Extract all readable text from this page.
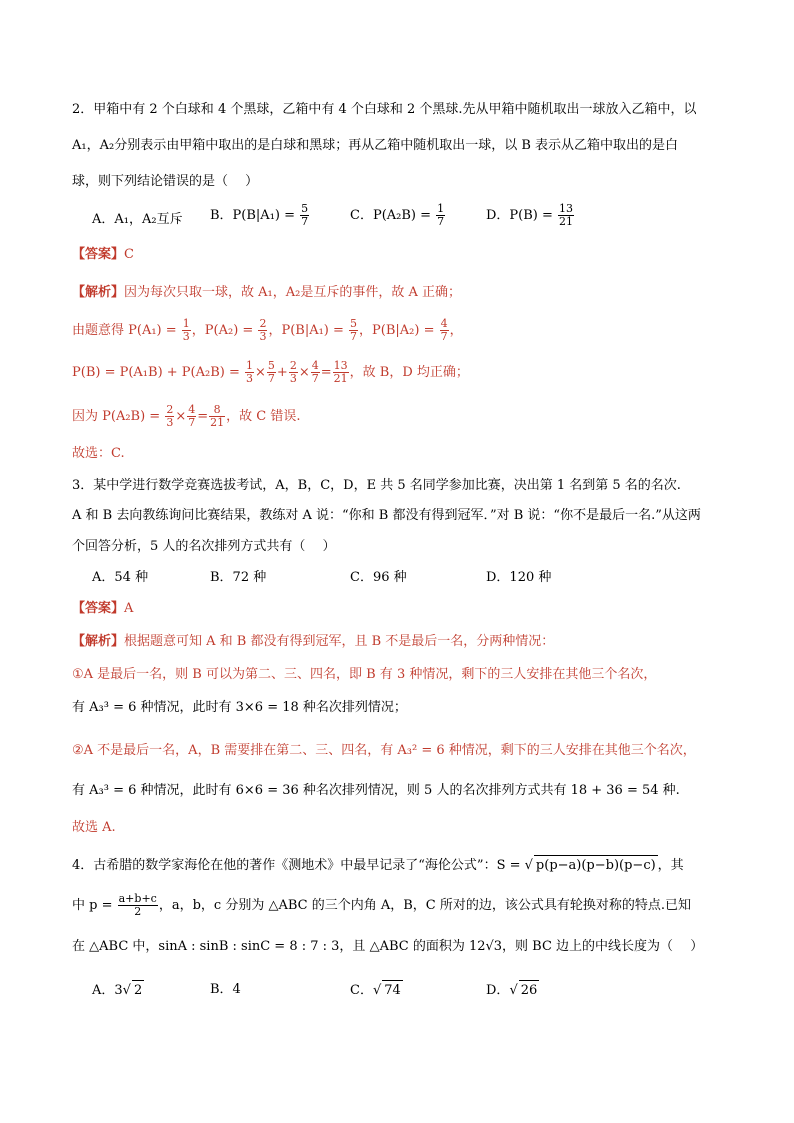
2．甲箱中有 2 个白球和 4 个黑球，乙箱中有 4 个白球和 2 个黑球.先从甲箱中随机取出一球放入乙箱中，以
A₁，A₂分别表示由甲箱中取出的是白球和黑球；再从乙箱中随机取出一球，以 B 表示从乙箱中取出的是白
球，则下列结论错误的是（　 ）
A．A₁，A₂互斥 B．$P(B|A_1) = \frac{5}{7}$	C．$P(A_2B) = \frac{1}{7}$	D．$P(B) = \frac{13}{21}$
【答案】C
【解析】因为每次只取一球，故 A₁，A₂是互斥的事件，故 A 正确；
由题意得 $P(A_1) = \frac{1}{3}$ ，$P(A_2) = \frac{2}{3}$ ，$P(B|A_1) = \frac{5}{7}$ ，$P(B|A_2) = \frac{4}{7}$ ，
$P(B) = P(A_1B) + P(A_2B) = \frac{1}{3} \times \frac{5}{7} + \frac{2}{3} \times \frac{4}{7} = \frac{13}{21}$ ，故 B，D 均正确；
因为 $P(A_2B) = \frac{2}{3} \times \frac{4}{7} = \frac{8}{21}$ ，故 C 错误.
故选：C.
3．某中学进行数学竞赛选拔考试，A，B，C，D，E 共 5 名同学参加比赛，决出第 1 名到第 5 名的名次.
A 和 B 去向教练询问比赛结果，教练对 A 说：“你和 B 都没有得到冠军．”对 B 说：“你不是最后一名.”从这两
个回答分析，5 人的名次排列方式共有（　 ）
A．54 种	B．72 种	C．96 种	D．120 种
【答案】A
【解析】根据题意可知 A 和 B 都没有得到冠军，且 B 不是最后一名，分两种情况：
①A 是最后一名，则 B 可以为第二、三、四名，即 B 有 3 种情况，剩下的三人安排在其他三个名次，
有 A₃³ = 6 种情况，此时有 3×6 = 18 种名次排列情况；
②A 不是最后一名，A，B 需要排在第二、三、四名，有 A₃² = 6 种情况，剩下的三人安排在其他三个名次，
有 A₃³ = 6 种情况，此时有 6×6 = 36 种名次排列情况，则 5 人的名次排列方式共有 18 + 36 = 54 种.
故选 A.
4．古希腊的数学家海伦在他的著作《测地术》中最早记录了“海伦公式”：S = √ p(p−a)(p−b)(p−c) ，其
中 $p = \frac{a+b+c}{2}$ ，a，b，c 分别为 △ABC 的三个内角 A，B，C 所对的边，该公式具有轮换对称的特点.已知
在 △ABC 中，sinA : sinB : sinC = 8 : 7 : 3，且 △ABC 的面积为 12√3，则 BC 边上的中线长度为（　 ）
A．3√ 2	B．4	C．√ 74	D．√ 26
